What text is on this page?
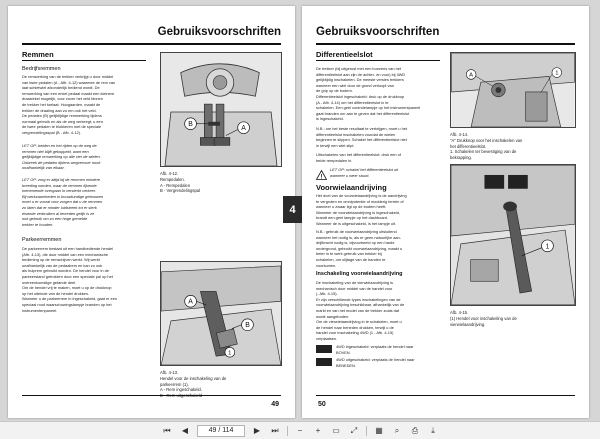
Gebruiksvoorschriften
Remmen
Bedrijfsremmen
De remwerking van de trekker verkrijgt u door middel
van twee pedalen (A - Afb. 4-12) waarmee de rem van
laat schietwiel afzonderlijk bediend wordt. De
remwerking van een enkel pedaal maakt een kleinere
draaicirkel mogelijk, voor zover het veld binnen
de trekker het toelaat. Hoogaarden, maakt de
trekker de draaiing aan zo em ook het veld.
De pedalen (B) gelijktijdige remwerking tijdens
normaal gebruik en als de weg verkeegt; u een
de twee pedalen te blokkeren met de speciale
vergrendelingsspal (B - Afb. 4-12).
LET OP: beiden en het rijden op de weg de
remmen niet blijft gekoppeld, want een
gelijktijdige remwerking op alle vier de wielen.
Onbreek de pedalen tijdens wegvervoer nooit
onafhankelijk van elkaar.
LET OP: zorg er altijd bij de remmen mindere
breeding worden, waar de remmen lijkende
toenemende overgaan in versterkt verkeer.
Bij werkzaamheden in bouwkundige gebouwen
moet u er vooral voor zorgen dat u de remmen
zo laten dat er minder luidstreek tot er sterk
eisende verbruiken al tevreden gelijk is ze
ook gebruik om zo een hoge gemelde
trekker te houden.
Parkeerremmen
De parkeerrem bestaat uit een handbediende hendel
(Afb. 4-13), die door middel van een mechanische
bediening op de remschijven werkt. Wij werkt
onafhankelijk van de pedaalrem en kan zo ook
als hulprem gebruikt worden. De hendel voor in de
parkeerstand getrokken door een speciale pal op het
overeenkomstige getande deel.
Om de hendel vrij te maken, moet u op de drukknop
op het uiteinde van de hendel drukken.
Wanneer u de parkeerrem in ingeschakeld, gaat er een
speciaal rood waarschuwingslampje branden op het
instrumentenpaneel.
A
B
Afb. 4-12.
Rempedalen.
A - Rempedalen
B - Vergrendelingspal
A
B
1
Afb. 4-13.
Hendel voor de inschakeling van de
parkeerrem (1).
A - Rem ingeschakeld.
49
4
Gebruiksvoorschriften
Differentieelslot
De trekker (bij uitgerust met een bunzens van het
differentieelslot aan zijn de achter- en voor) bij 4WD
gelijktijdig inschakelen. De meeste versies trekkers
wanneer een wiel door de grond verloopt van
de grip op de bodem.
Differentieelslot ingeschakeld: druk op de drukknop
(A - Afb. 4-14) om het differentieelslot in te
schakelen. Een geel controlelampje op het instrumentpaneel
gaat branden om aan te geven dat het differentieelslot
is ingeschakeld.
N.B.: om het beste resultaat te verkrijgen, moet u het
differentieelslot inschakelen voordat de wielen
beginnen te slippen. Schakel het differentieelslot niet
in terwijl een wiel slipt.
Uitschakelen van het differentieelslot: druk een of
beide rempedalen in.
!
LET OP: schakel het differentieelslot uit
wanneer u weer stuurt.
Voorwielaandrijving
Het doel van de voorwielaandrijving is de aandrijving
te vergroten en omnipotentie of modderig terrein of
wanneer u zwaar ligt op de bodem heeft.
Wanneer de voorwielaandrijving is ingeschakeld,
brandt een geel lampje op het dashboard.
Wanneer de is uitgeschakeld, is het lampje uit.
N.B.: gebruik de voorwielaandrijving uitsluitend
wanneer het nodig is, als er geen natuurlijke aan-
drijfkracht nodig is, bijvoorbeeld op een harde
ondergrond, gebruikt voorwielaandrijving, maakt u
beter in te werk gebruik van trekker bij
schakelen, om slijtage van de banden te
voorkomen.
Inschakeling voorwielaandrijving
De inschakeling van de vierwielaandrijving is
mechanisch door middel van de handel voor
(- Afb. 4-15).
Er zijn verschillende types inschakelingen van de
voorwielaandrijving beschikbaar, afhankelijk van de
markt en van het model van de trekker zoals dat
wordt aangeboden.
Om de vierwielaandrijving in te schakelen, moet u
de hendel naar beneden drukken, terwijl u de
handel voor inschakeling 4WD (1 - Afb. 4-15)
verplaatsen.
4WD ingeschakeld: verplaats de hendel naar
BOVEN.
4WD uitgeschakeld: verplaats de hendel naar
BENEDEN.
A	1
Afb. 4-14.
"A" Drukknop voor het inschakelen van
het differentieelslot.
1. Schakelen ter bevestiging van de
bekrapping.
1
Afb. 4-15.
(1) Hendel voor inschakeling van de
vierwielaandrijving.
50
⏮	◀	49 / 114	▶	⏭	−	+	▭	⤢	▦	⌕	⎙	⤓
